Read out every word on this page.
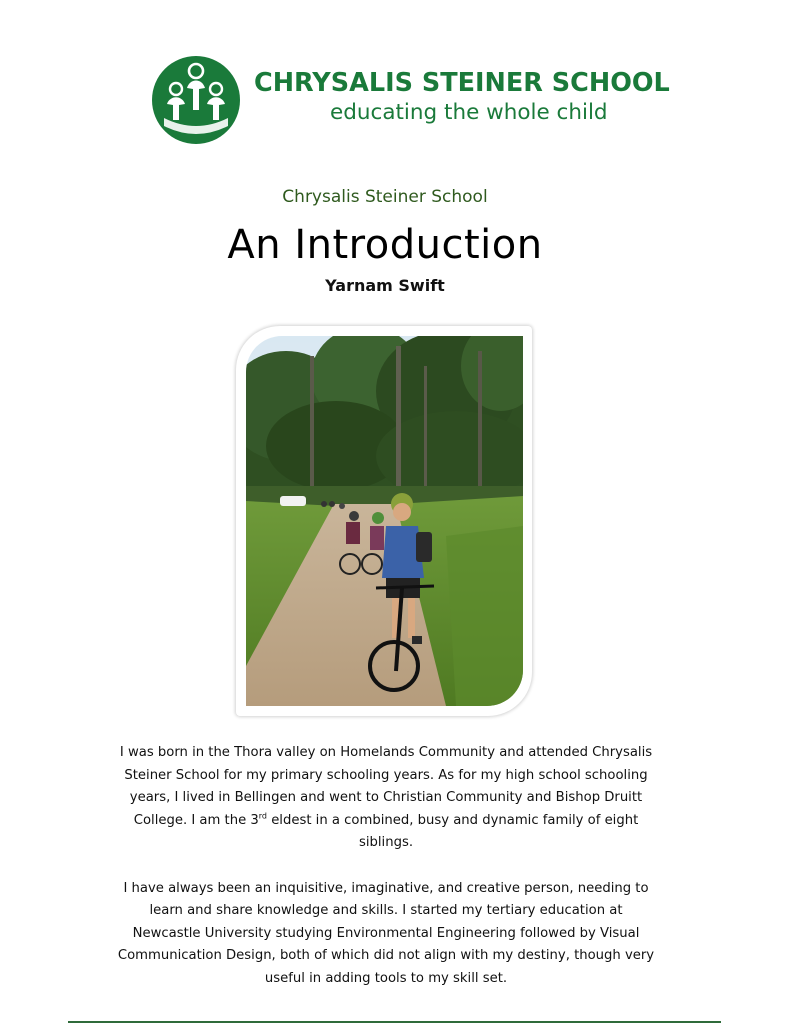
CHRYSALIS STEINER SCHOOL
educating the whole child
Chrysalis Steiner School
An Introduction
Yarnam Swift

I was born in the Thora valley on Homelands Community and attended Chrysalis Steiner School for my primary schooling years. As for my high school schooling years, I lived in Bellingen and went to Christian Community and Bishop Druitt College. I am the 3rd eldest in a combined, busy and dynamic family of eight siblings.

I have always been an inquisitive, imaginative, and creative person, needing to learn and share knowledge and skills. I started my tertiary education at Newcastle University studying Environmental Engineering followed by Visual Communication Design, both of which did not align with my destiny, though very useful in adding tools to my skill set.
